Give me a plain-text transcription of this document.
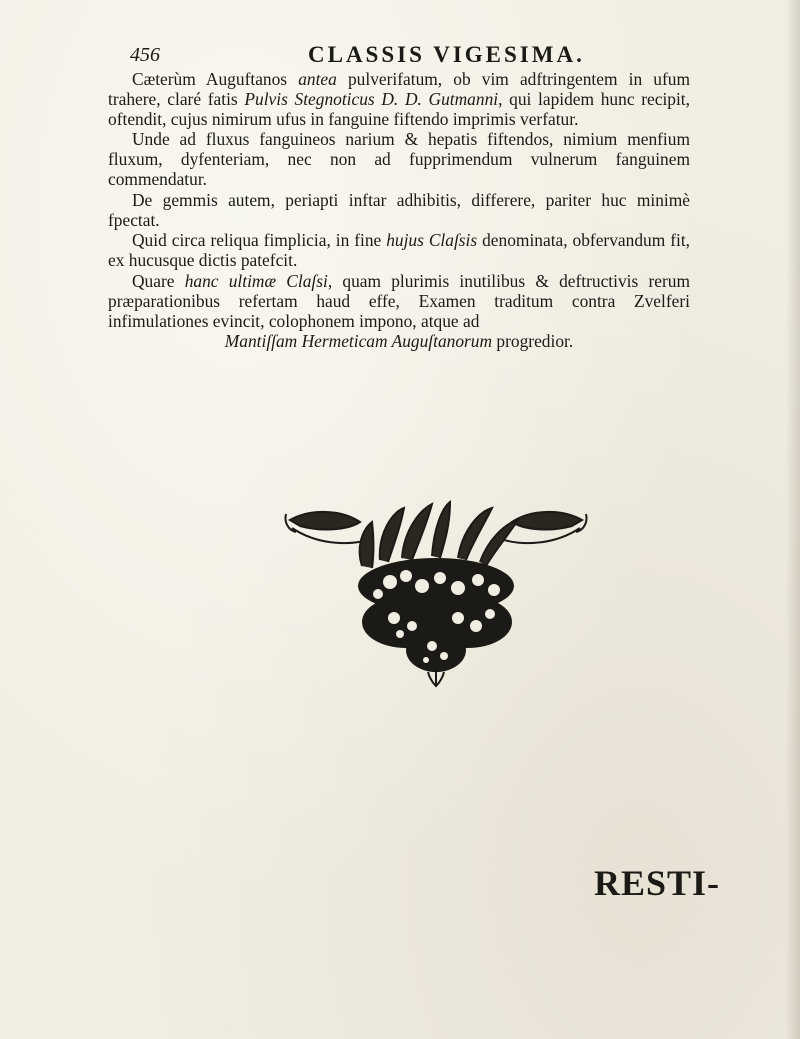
456	CLASSIS VIGESIMA.

Cæterùm Auguftanos antea pulverifatum, ob vim adftringentem in ufum trahere, claré fatis Pulvis Stegnoticus D. D. Gutmanni, qui lapidem hunc recipit, oftendit, cujus nimirum ufus in fanguine fiftendo imprimis verfatur.

Unde ad fluxus fanguineos narium & hepatis fiftendos, nimium menfium fluxum, dyfenteriam, nec non ad fupprimendum vulnerum fanguinem commendatur.

De gemmis autem, periapti inftar adhibitis, differere, pariter huc minimè fpectat.

Quid circa reliqua fimplicia, in fine hujus Claſsis denominata, obfervandum fit, ex hucusque dictis patefcit.

Quare hanc ultimæ Claſsi, quam plurimis inutilibus & deftructivis rerum præparationibus refertam haud effe, Examen traditum contra Zvelferi infimulationes evincit, colophonem impono, atque ad

Mantiſſam Hermeticam Auguſtanorum progredior.

RESTI-
